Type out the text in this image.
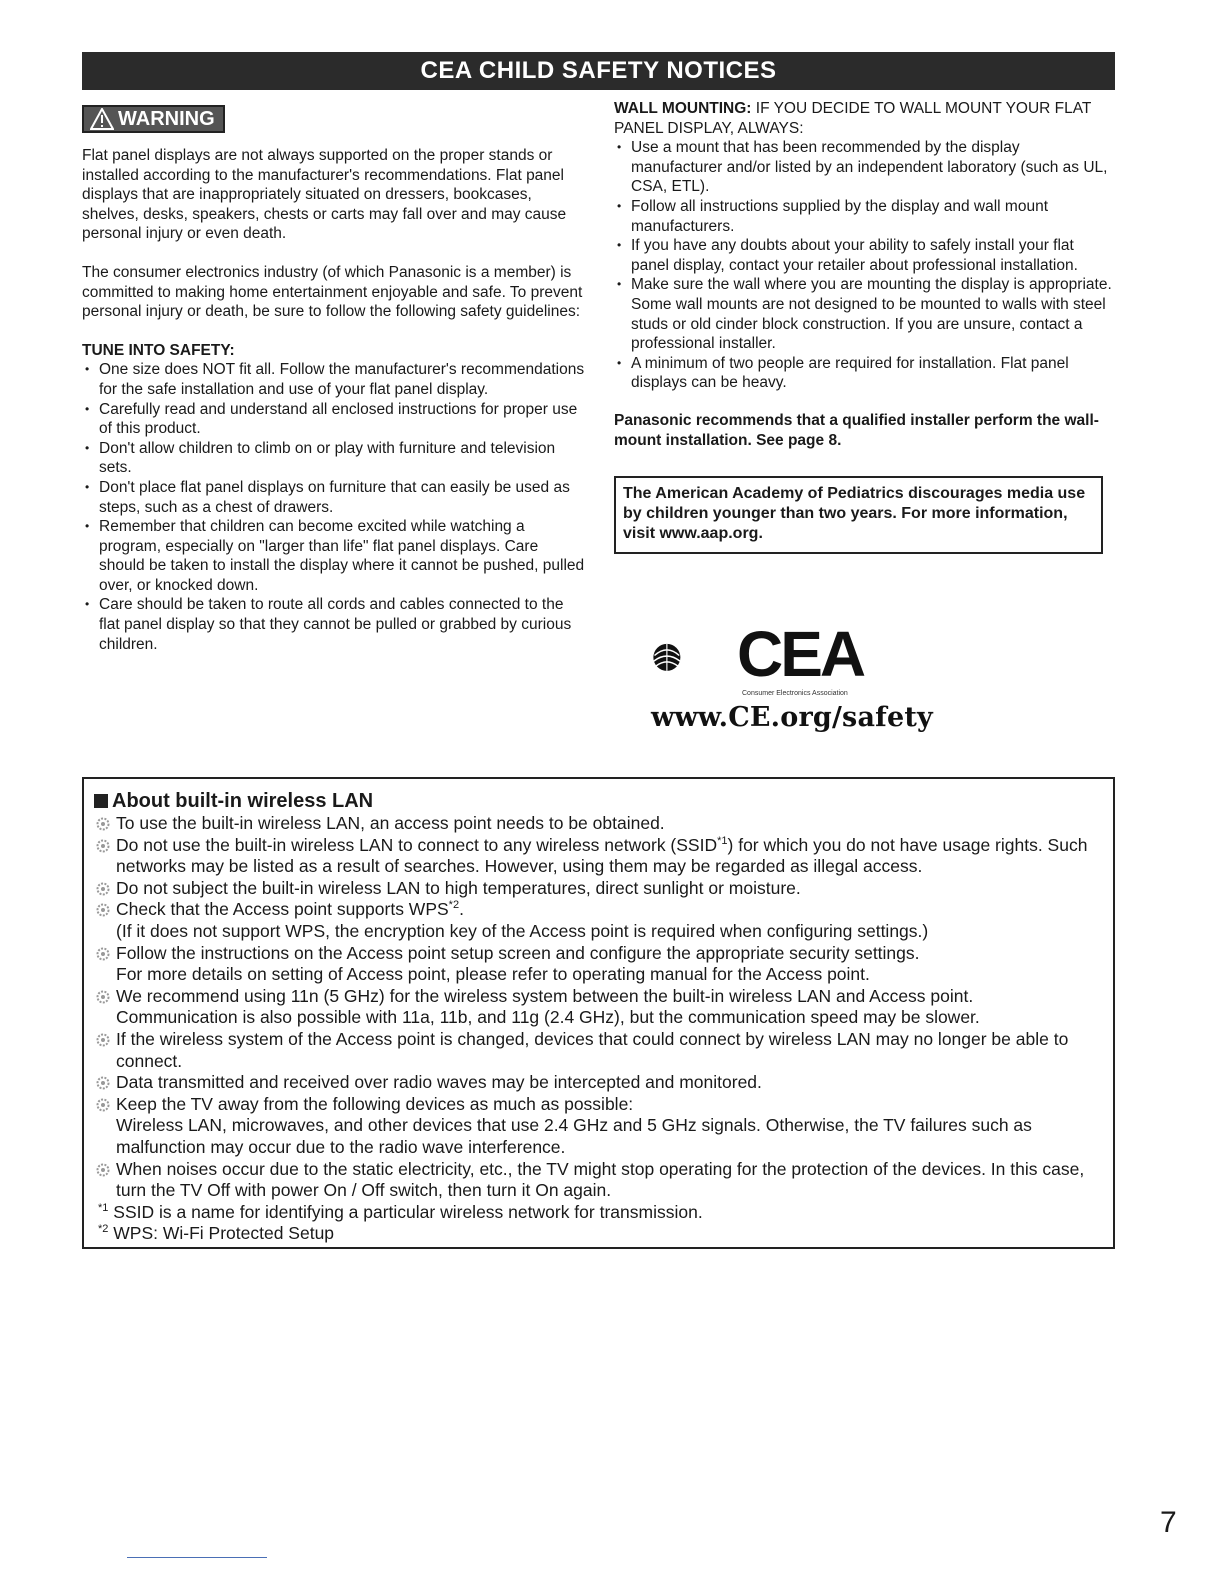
CEA CHILD SAFETY NOTICES
WARNING

Flat panel displays are not always supported on the proper stands or installed according to the manufacturer's recommendations. Flat panel displays that are inappropriately situated on dressers, bookcases, shelves, desks, speakers, chests or carts may fall over and may cause personal injury or even death.

The consumer electronics industry (of which Panasonic is a member) is committed to making home entertainment enjoyable and safe. To prevent personal injury or death, be sure to follow the following safety guidelines:

TUNE INTO SAFETY:
• One size does NOT fit all. Follow the manufacturer's recommendations for the safe installation and use of your flat panel display.
• Carefully read and understand all enclosed instructions for proper use of this product.
• Don't allow children to climb on or play with furniture and television sets.
• Don't place flat panel displays on furniture that can easily be used as steps, such as a chest of drawers.
• Remember that children can become excited while watching a program, especially on "larger than life" flat panel displays. Care should be taken to install the display where it cannot be pushed, pulled over, or knocked down.
• Care should be taken to route all cords and cables connected to the flat panel display so that they cannot be pulled or grabbed by curious children.
WALL MOUNTING: IF YOU DECIDE TO WALL MOUNT YOUR FLAT PANEL DISPLAY, ALWAYS:
• Use a mount that has been recommended by the display manufacturer and/or listed by an independent laboratory (such as UL, CSA, ETL).
• Follow all instructions supplied by the display and wall mount manufacturers.
• If you have any doubts about your ability to safely install your flat panel display, contact your retailer about professional installation.
• Make sure the wall where you are mounting the display is appropriate. Some wall mounts are not designed to be mounted to walls with steel studs or old cinder block construction. If you are unsure, contact a professional installer.
• A minimum of two people are required for installation. Flat panel displays can be heavy.
Panasonic recommends that a qualified installer perform the wall-mount installation. See page 8.
The American Academy of Pediatrics discourages media use by children younger than two years. For more information, visit www.aap.org.
CEA
Consumer Electronics Association
www.CE.org/safety
About built-in wireless LAN
To use the built-in wireless LAN, an access point needs to be obtained.
Do not use the built-in wireless LAN to connect to any wireless network (SSID$^{*1}$) for which you do not have usage rights. Such networks may be listed as a result of searches. However, using them may be regarded as illegal access.
Do not subject the built-in wireless LAN to high temperatures, direct sunlight or moisture.
Check that the Access point supports WPS$^{*2}$.
(If it does not support WPS, the encryption key of the Access point is required when configuring settings.)
Follow the instructions on the Access point setup screen and configure the appropriate security settings.
For more details on setting of Access point, please refer to operating manual for the Access point.
We recommend using 11n (5 GHz) for the wireless system between the built-in wireless LAN and Access point.
Communication is also possible with 11a, 11b, and 11g (2.4 GHz), but the communication speed may be slower.
If the wireless system of the Access point is changed, devices that could connect by wireless LAN may no longer be able to connect.
Data transmitted and received over radio waves may be intercepted and monitored.
Keep the TV away from the following devices as much as possible:
Wireless LAN, microwaves, and other devices that use 2.4 GHz and 5 GHz signals. Otherwise, the TV failures such as malfunction may occur due to the radio wave interference.
When noises occur due to the static electricity, etc., the TV might stop operating for the protection of the devices. In this case, turn the TV Off with power On / Off switch, then turn it On again.
$^{*1}$ SSID is a name for identifying a particular wireless network for transmission.
$^{*2}$ WPS: Wi-Fi Protected Setup
7
